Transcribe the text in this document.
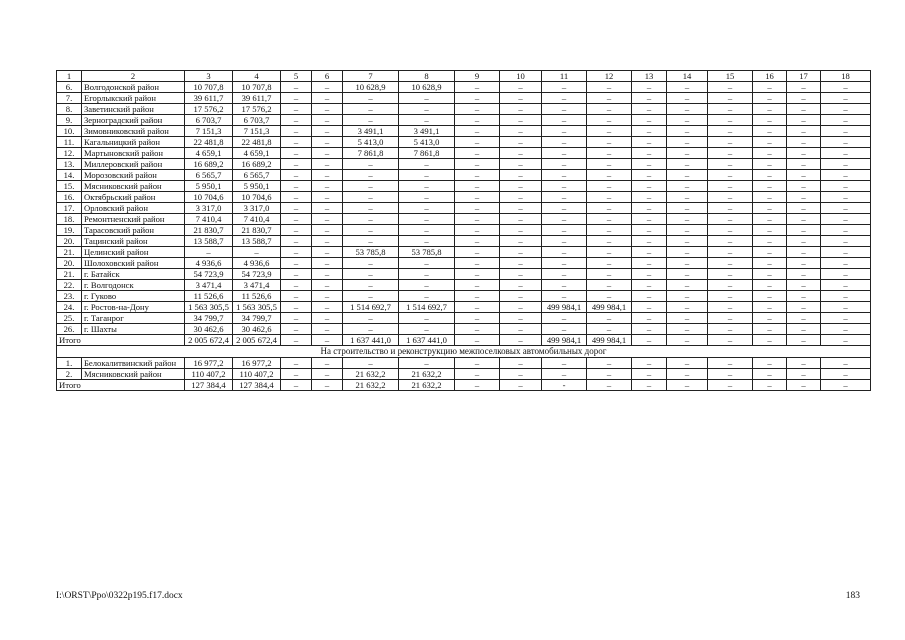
1	2	3	4	5	6	7	8	9	10	11	12	13	14	15	16	17	18
6.	Волгодонской район	10 707,8	10 707,8	–	–	10 628,9	10 628,9	–	–	–	–	–	–	–	–	–	–
7.	Егорлыкский район	39 611,7	39 611,7	–	–	–	–	–	–	–	–	–	–	–	–	–	–
8.	Заветинский район	17 576,2	17 576,2	–	–	–	–	–	–	–	–	–	–	–	–	–	–
9.	Зерноградский район	6 703,7	6 703,7	–	–	–	–	–	–	–	–	–	–	–	–	–	–
10.	Зимовниковский район	7 151,3	7 151,3	–	–	3 491,1	3 491,1	–	–	–	–	–	–	–	–	–	–
11.	Кагальницкий район	22 481,8	22 481,8	–	–	5 413,0	5 413,0	–	–	–	–	–	–	–	–	–	–
12.	Мартыновский район	4 659,1	4 659,1	–	–	7 861,8	7 861,8	–	–	–	–	–	–	–	–	–	–
13.	Миллеровский район	16 689,2	16 689,2	–	–	–	–	–	–	–	–	–	–	–	–	–	–
14.	Морозовский район	6 565,7	6 565,7	–	–	–	–	–	–	–	–	–	–	–	–	–	–
15.	Мясниковский район	5 950,1	5 950,1	–	–	–	–	–	–	–	–	–	–	–	–	–	–
16.	Октябрьский район	10 704,6	10 704,6	–	–	–	–	–	–	–	–	–	–	–	–	–	–
17.	Орловский район	3 317,0	3 317,0	–	–	–	–	–	–	–	–	–	–	–	–	–	–
18.	Ремонтненский район	7 410,4	7 410,4	–	–	–	–	–	–	–	–	–	–	–	–	–	–
19.	Тарасовский район	21 830,7	21 830,7	–	–	–	–	–	–	–	–	–	–	–	–	–	–
20.	Тацинский район	13 588,7	13 588,7	–	–	–	–	–	–	–	–	–	–	–	–	–	–
21.	Целинский район	–	–	–	–	53 785,8	53 785,8	–	–	–	–	–	–	–	–	–	–
20.	Шолоховский район	4 936,6	4 936,6	–	–	–	–	–	–	–	–	–	–	–	–	–	–
21.	г. Батайск	54 723,9	54 723,9	–	–	–	–	–	–	–	–	–	–	–	–	–	–
22.	г. Волгодонск	3 471,4	3 471,4	–	–	–	–	–	–	–	–	–	–	–	–	–	–
23.	г. Гуково	11 526,6	11 526,6	–	–	–	–	–	–	–	–	–	–	–	–	–	–
24.	г. Ростов-на-Дону	1 563 305,5	1 563 305,5	–	–	1 514 692,7	1 514 692,7	–	–	499 984,1	499 984,1	–	–	–	–	–	–
25.	г. Таганрог	34 799,7	34 799,7	–	–	–	–	–	–	–	–	–	–	–	–	–	–
26.	г. Шахты	30 462,6	30 462,6	–	–	–	–	–	–	–	–	–	–	–	–	–	–
Итого		2 005 672,4	2 005 672,4	–	–	1 637 441,0	1 637 441,0	–	–	499 984,1	499 984,1	–	–	–	–	–	–
На строительство и реконструкцию межпоселковых автомобильных дорог																	
1.	Белокалитвинский район	16 977,2	16 977,2	–	–	–	–	–	–	–	–	–	–	–	–	–	–
2.	Мясниковский район	110 407,2	110 407,2	–	–	21 632,2	21 632,2	–	–	–	–	–	–	–	–	–	–
Итого		127 384,4	127 384,4	–	–	21 632,2	21 632,2	–	–	-	–	–	–	–	–	–	–
I:\ORST\Ppo\0322p195.f17.docx	183
